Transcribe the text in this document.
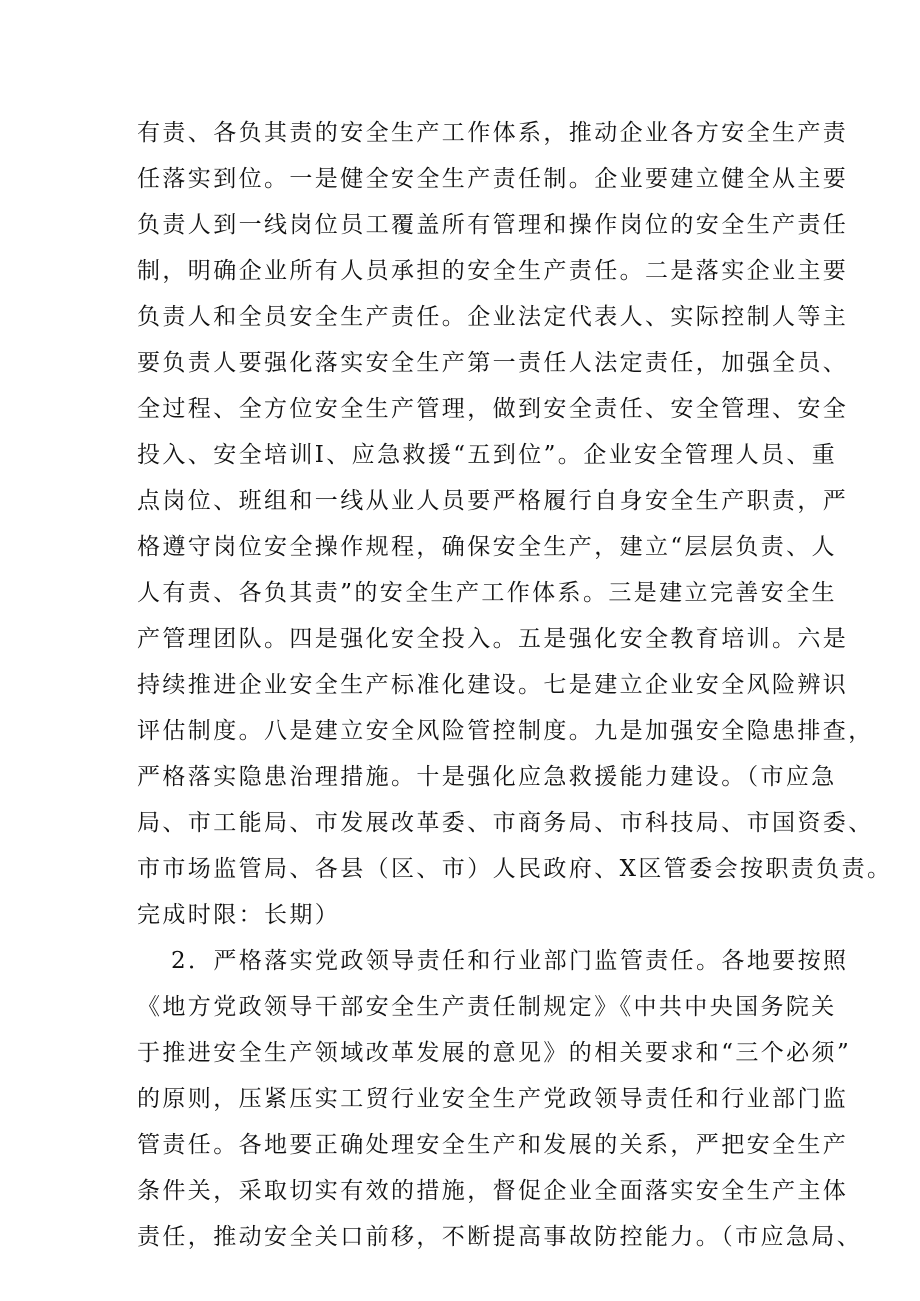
有责、各负其责的安全生产工作体系，推动企业各方安全生产责
任落实到位。一是健全安全生产责任制。企业要建立健全从主要
负责人到一线岗位员工覆盖所有管理和操作岗位的安全生产责任
制，明确企业所有人员承担的安全生产责任。二是落实企业主要
负责人和全员安全生产责任。企业法定代表人、实际控制人等主
要负责人要强化落实安全生产第一责任人法定责任，加强全员、
全过程、全方位安全生产管理，做到安全责任、安全管理、安全
投入、安全培训Ⅰ、应急救援“五到位”。企业安全管理人员、重
点岗位、班组和一线从业人员要严格履行自身安全生产职责，严
格遵守岗位安全操作规程，确保安全生产，建立“层层负责、人
人有责、各负其责”的安全生产工作体系。三是建立完善安全生
产管理团队。四是强化安全投入。五是强化安全教育培训。六是
持续推进企业安全生产标准化建设。七是建立企业安全风险辨识
评估制度。八是建立安全风险管控制度。九是加强安全隐患排查，
严格落实隐患治理措施。十是强化应急救援能力建设。（市应急
局、市工能局、市发展改革委、市商务局、市科技局、市国资委、
市市场监管局、各县（区、市）人民政府、X区管委会按职责负责。
完成时限：长期）
2．严格落实党政领导责任和行业部门监管责任。各地要按照
《地方党政领导干部安全生产责任制规定》《中共中央国务院关
于推进安全生产领域改革发展的意见》的相关要求和“三个必须”
的原则，压紧压实工贸行业安全生产党政领导责任和行业部门监
管责任。各地要正确处理安全生产和发展的关系，严把安全生产
条件关，采取切实有效的措施，督促企业全面落实安全生产主体
责任，推动安全关口前移，不断提高事故防控能力。（市应急局、
